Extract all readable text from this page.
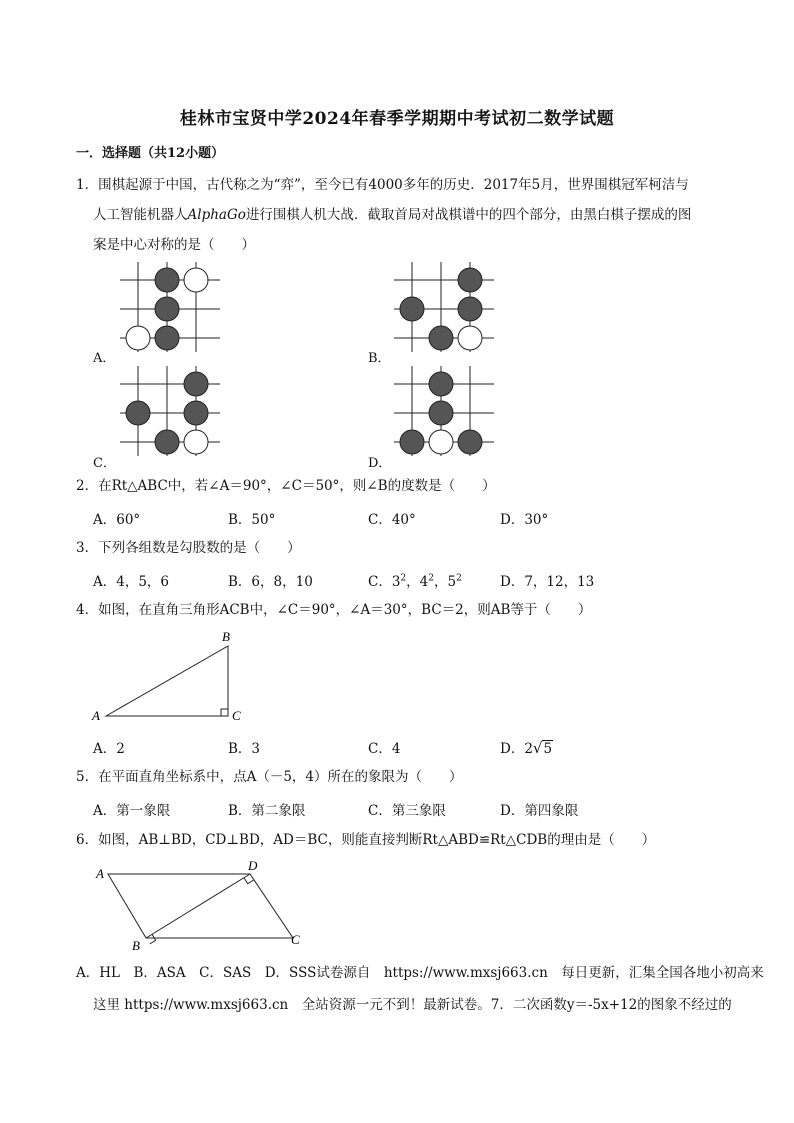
桂林市宝贤中学2024年春季学期期中考试初二数学试题
一．选择题（共12小题）
1．围棋起源于中国，古代称之为“弈”，至今已有4000多年的历史．2017年5月，世界围棋冠军柯洁与
人工智能机器人AlphaGo进行围棋人机大战．截取首局对战棋谱中的四个部分，由黑白棋子摆成的图
案是中心对称的是（　　）
A．	B．
C．	D．
2．在Rt△ABC中，若∠A＝90°，∠C＝50°，则∠B的度数是（　　）
A．60°	B．50°	C．40°	D．30°
3．下列各组数是勾股数的是（　　）
A．4，5，6	B．6，8，10	C．$3^2$，$4^2$，$5^2$	D．7，12，13
4．如图，在直角三角形ACB中，∠C＝90°，∠A＝30°，BC＝2，则AB等于（　　）
A
B
C
A．2	B．3	C．4	D．2√5
5．在平面直角坐标系中，点A（－5，4）所在的象限为（　　）
A．第一象限	B．第二象限	C．第三象限	D．第四象限
6．如图，AB⊥BD，CD⊥BD，AD＝BC，则能直接判断Rt△ABD≌Rt△CDB的理由是（　　）
A
D
B	C
A．HL　B．ASA　C．SAS　D．SSS试卷源自　https://www.mxsj663.cn　每日更新，汇集全国各地小初高来
这里 https://www.mxsj663.cn　全站资源一元不到！最新试卷。7．二次函数y＝-5x+12的图象不经过的
